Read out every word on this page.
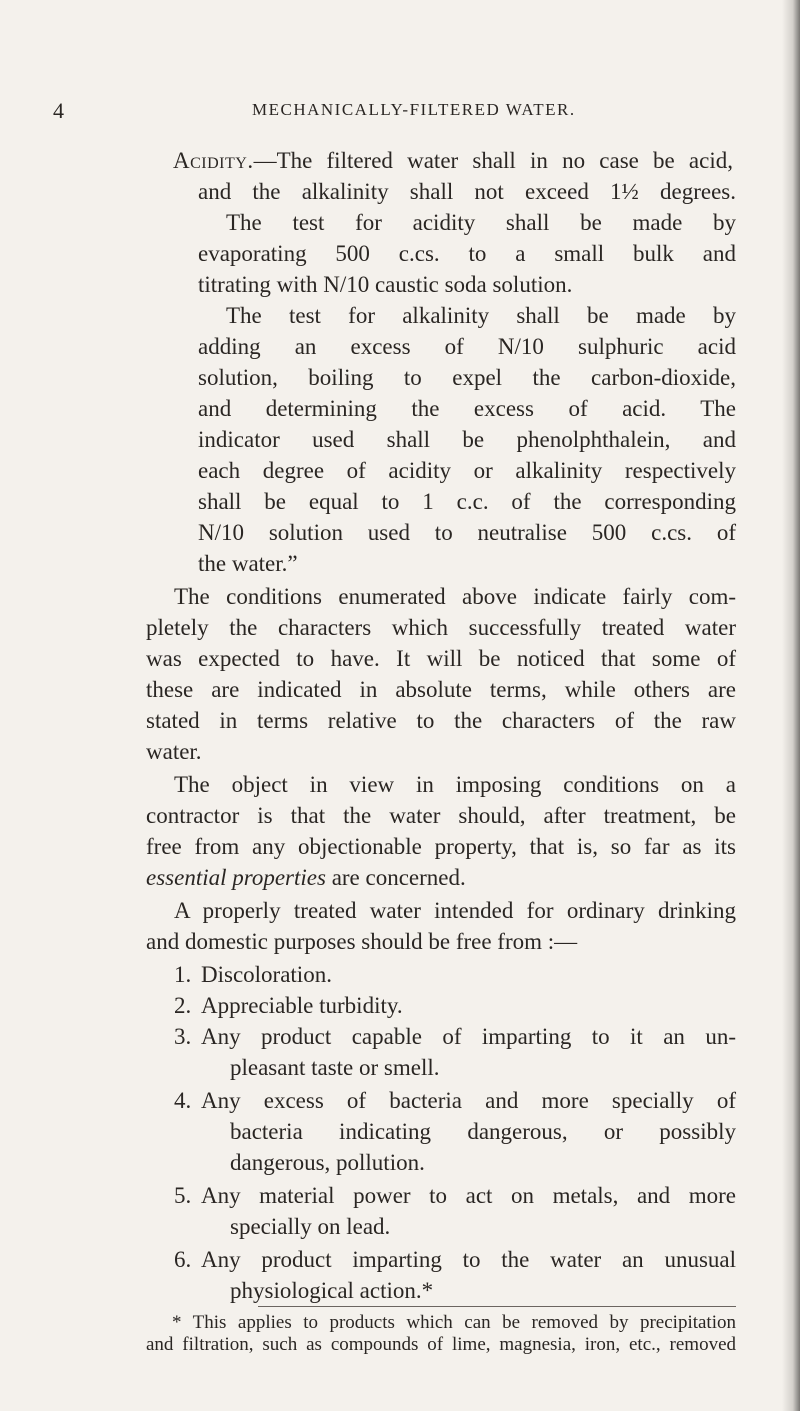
4	MECHANICALLY-FILTERED WATER.
Acidity.—The filtered water shall in no case be acid,
and the alkalinity shall not exceed 1½ degrees.
The test for acidity shall be made by
evaporating 500 c.cs. to a small bulk and
titrating with N/10 caustic soda solution.
The test for alkalinity shall be made by
adding an excess of N/10 sulphuric acid
solution, boiling to expel the carbon-dioxide,
and determining the excess of acid. The
indicator used shall be phenolphthalein, and
each degree of acidity or alkalinity respectively
shall be equal to 1 c.c. of the corresponding
N/10 solution used to neutralise 500 c.cs. of
the water.”
The conditions enumerated above indicate fairly com-
pletely the characters which successfully treated water
was expected to have. It will be noticed that some of
these are indicated in absolute terms, while others are
stated in terms relative to the characters of the raw
water.
The object in view in imposing conditions on a
contractor is that the water should, after treatment, be
free from any objectionable property, that is, so far as its
essential properties are concerned.
A properly treated water intended for ordinary drinking
and domestic purposes should be free from :—
1. Discoloration.
2. Appreciable turbidity.
3. Any product capable of imparting to it an un-
pleasant taste or smell.
4. Any excess of bacteria and more specially of
bacteria indicating dangerous, or possibly
dangerous, pollution.
5. Any material power to act on metals, and more
specially on lead.
6. Any product imparting to the water an unusual
physiological action.*
* This applies to products which can be removed by precipitation
and filtration, such as compounds of lime, magnesia, iron, etc., removed
